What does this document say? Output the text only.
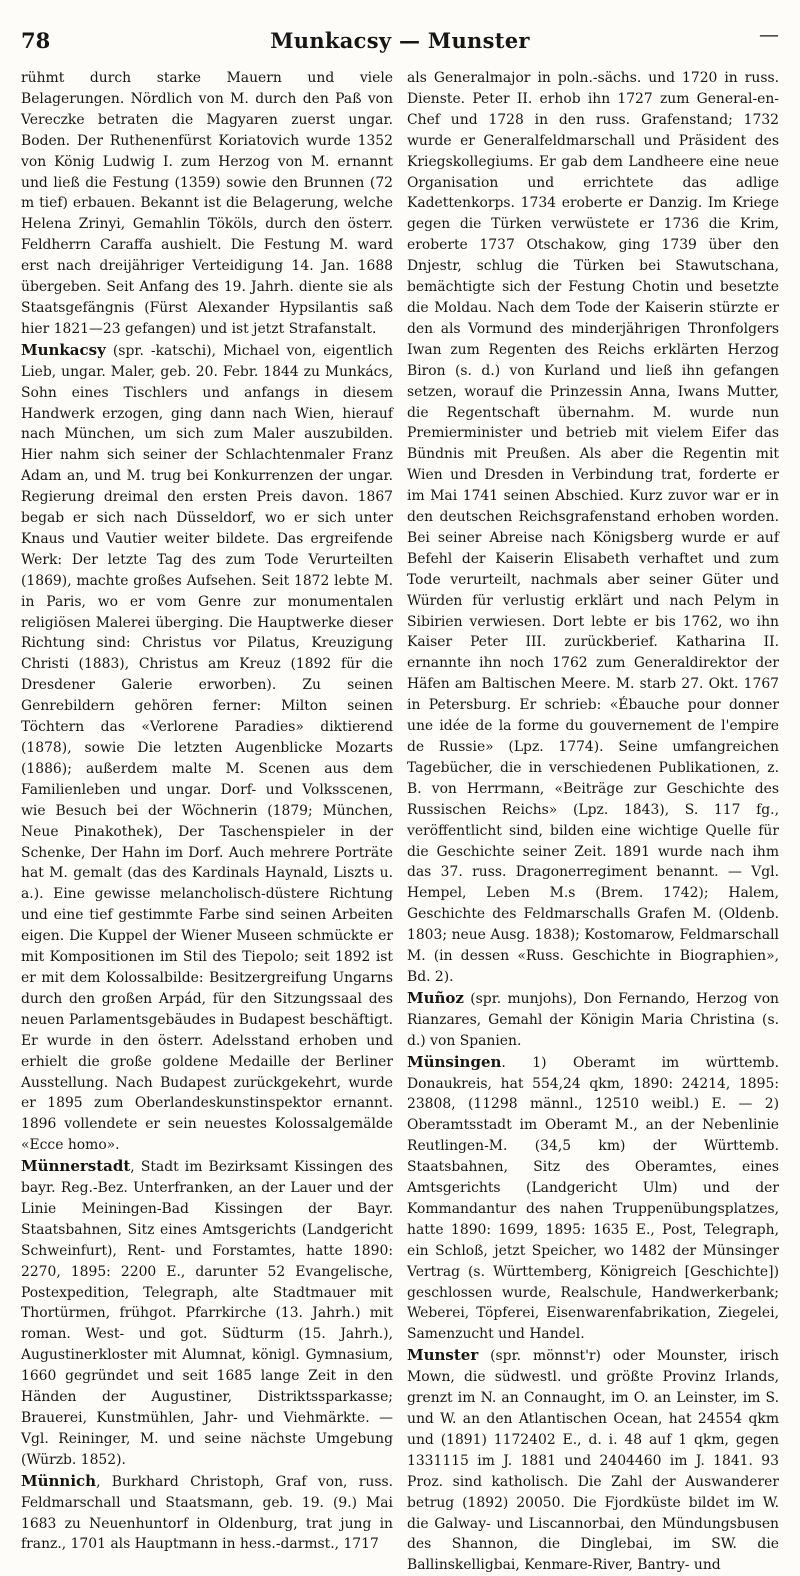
78	Munkacsy — Munster	—

rühmt durch starke Mauern und viele Belagerungen. Nördlich von M. durch den Paß von Vereczke betraten die Magyaren zuerst ungar. Boden. Der Ruthenenfürst Koriatovich wurde 1352 von König Ludwig I. zum Herzog von M. ernannt und ließ die Festung (1359) sowie den Brunnen (72 m tief) erbauen. Bekannt ist die Belagerung, welche Helena Zrinyi, Gemahlin Tököls, durch den österr. Feldherrn Caraffa aushielt. Die Festung M. ward erst nach dreijähriger Verteidigung 14. Jan. 1688 übergeben. Seit Anfang des 19. Jahrh. diente sie als Staatsgefängnis (Fürst Alexander Hypsilantis saß hier 1821—23 gefangen) und ist jetzt Strafanstalt.

Munkacsy (spr. -katschi), Michael von, eigentlich Lieb, ungar. Maler, geb. 20. Febr. 1844 zu Munkács, Sohn eines Tischlers und anfangs in diesem Handwerk erzogen, ging dann nach Wien, hierauf nach München, um sich zum Maler auszubilden. Hier nahm sich seiner der Schlachtenmaler Franz Adam an, und M. trug bei Konkurrenzen der ungar. Regierung dreimal den ersten Preis davon. 1867 begab er sich nach Düsseldorf, wo er sich unter Knaus und Vautier weiter bildete. Das ergreifende Werk: Der letzte Tag des zum Tode Verurteilten (1869), machte großes Aufsehen. Seit 1872 lebte M. in Paris, wo er vom Genre zur monumentalen religiösen Malerei überging. Die Hauptwerke dieser Richtung sind: Christus vor Pilatus, Kreuzigung Christi (1883), Christus am Kreuz (1892 für die Dresdener Galerie erworben). Zu seinen Genrebildern gehören ferner: Milton seinen Töchtern das «Verlorene Paradies» diktierend (1878), sowie Die letzten Augenblicke Mozarts (1886); außerdem malte M. Scenen aus dem Familienleben und ungar. Dorf- und Volksscenen, wie Besuch bei der Wöchnerin (1879; München, Neue Pinakothek), Der Taschenspieler in der Schenke, Der Hahn im Dorf. Auch mehrere Porträte hat M. gemalt (das des Kardinals Haynald, Liszts u. a.). Eine gewisse melancholisch-düstere Richtung und eine tief gestimmte Farbe sind seinen Arbeiten eigen. Die Kuppel der Wiener Museen schmückte er mit Kompositionen im Stil des Tiepolo; seit 1892 ist er mit dem Kolossalbilde: Besitzergreifung Ungarns durch den großen Arpád, für den Sitzungssaal des neuen Parlamentsgebäudes in Budapest beschäftigt. Er wurde in den österr. Adelsstand erhoben und erhielt die große goldene Medaille der Berliner Ausstellung. Nach Budapest zurückgekehrt, wurde er 1895 zum Oberlandeskunstinspektor ernannt. 1896 vollendete er sein neuestes Kolossalgemälde «Ecce homo».

Münnerstadt, Stadt im Bezirksamt Kissingen des bayr. Reg.-Bez. Unterfranken, an der Lauer und der Linie Meiningen-Bad Kissingen der Bayr. Staatsbahnen, Sitz eines Amtsgerichts (Landgericht Schweinfurt), Rent- und Forstamtes, hatte 1890: 2270, 1895: 2200 E., darunter 52 Evangelische, Postexpedition, Telegraph, alte Stadtmauer mit Thortürmen, frühgot. Pfarrkirche (13. Jahrh.) mit roman. West- und got. Südturm (15. Jahrh.), Augustinerkloster mit Alumnat, königl. Gymnasium, 1660 gegründet und seit 1685 lange Zeit in den Händen der Augustiner, Distriktssparkasse; Brauerei, Kunstmühlen, Jahr- und Viehmärkte. — Vgl. Reininger, M. und seine nächste Umgebung (Würzb. 1852).

Münnich, Burkhard Christoph, Graf von, russ. Feldmarschall und Staatsmann, geb. 19. (9.) Mai 1683 zu Neuenhuntorf in Oldenburg, trat jung in franz., 1701 als Hauptmann in hess.-darmst., 1717

als Generalmajor in poln.-sächs. und 1720 in russ. Dienste. Peter II. erhob ihn 1727 zum General-en-Chef und 1728 in den russ. Grafenstand; 1732 wurde er Generalfeldmarschall und Präsident des Kriegskollegiums. Er gab dem Landheere eine neue Organisation und errichtete das adlige Kadettenkorps. 1734 eroberte er Danzig. Im Kriege gegen die Türken verwüstete er 1736 die Krim, eroberte 1737 Otschakow, ging 1739 über den Dnjestr, schlug die Türken bei Stawutschana, bemächtigte sich der Festung Chotin und besetzte die Moldau. Nach dem Tode der Kaiserin stürzte er den als Vormund des minderjährigen Thronfolgers Iwan zum Regenten des Reichs erklärten Herzog Biron (s. d.) von Kurland und ließ ihn gefangen setzen, worauf die Prinzessin Anna, Iwans Mutter, die Regentschaft übernahm. M. wurde nun Premierminister und betrieb mit vielem Eifer das Bündnis mit Preußen. Als aber die Regentin mit Wien und Dresden in Verbindung trat, forderte er im Mai 1741 seinen Abschied. Kurz zuvor war er in den deutschen Reichsgrafenstand erhoben worden. Bei seiner Abreise nach Königsberg wurde er auf Befehl der Kaiserin Elisabeth verhaftet und zum Tode verurteilt, nachmals aber seiner Güter und Würden für verlustig erklärt und nach Pelym in Sibirien verwiesen. Dort lebte er bis 1762, wo ihn Kaiser Peter III. zurückberief. Katharina II. ernannte ihn noch 1762 zum Generaldirektor der Häfen am Baltischen Meere. M. starb 27. Okt. 1767 in Petersburg. Er schrieb: «Ébauche pour donner une idée de la forme du gouvernement de l'empire de Russie» (Lpz. 1774). Seine umfangreichen Tagebücher, die in verschiedenen Publikationen, z. B. von Herrmann, «Beiträge zur Geschichte des Russischen Reichs» (Lpz. 1843), S. 117 fg., veröffentlicht sind, bilden eine wichtige Quelle für die Geschichte seiner Zeit. 1891 wurde nach ihm das 37. russ. Dragonerregiment benannt. — Vgl. Hempel, Leben M.s (Brem. 1742); Halem, Geschichte des Feldmarschalls Grafen M. (Oldenb. 1803; neue Ausg. 1838); Kostomarow, Feldmarschall M. (in dessen «Russ. Geschichte in Biographien», Bd. 2).

Muñoz (spr. munjohs), Don Fernando, Herzog von Rianzares, Gemahl der Königin Maria Christina (s. d.) von Spanien.

Münsingen. 1) Oberamt im württemb. Donaukreis, hat 554,24 qkm, 1890: 24214, 1895: 23808, (11298 männl., 12510 weibl.) E. — 2) Oberamtsstadt im Oberamt M., an der Nebenlinie Reutlingen-M. (34,5 km) der Württemb. Staatsbahnen, Sitz des Oberamtes, eines Amtsgerichts (Landgericht Ulm) und der Kommandantur des nahen Truppenübungsplatzes, hatte 1890: 1699, 1895: 1635 E., Post, Telegraph, ein Schloß, jetzt Speicher, wo 1482 der Münsinger Vertrag (s. Württemberg, Königreich [Geschichte]) geschlossen wurde, Realschule, Handwerkerbank; Weberei, Töpferei, Eisenwarenfabrikation, Ziegelei, Samenzucht und Handel.

Munster (spr. mönnst'r) oder Mounster, irisch Mown, die südwestl. und größte Provinz Irlands, grenzt im N. an Connaught, im O. an Leinster, im S. und W. an den Atlantischen Ocean, hat 24554 qkm und (1891) 1172402 E., d. i. 48 auf 1 qkm, gegen 1331115 im J. 1881 und 2404460 im J. 1841. 93 Proz. sind katholisch. Die Zahl der Auswanderer betrug (1892) 20050. Die Fjordküste bildet im W. die Galway- und Liscannorbai, den Mündungsbusen des Shannon, die Dinglebai, im SW. die Ballinskelligbai, Kenmare-River, Bantry- und
